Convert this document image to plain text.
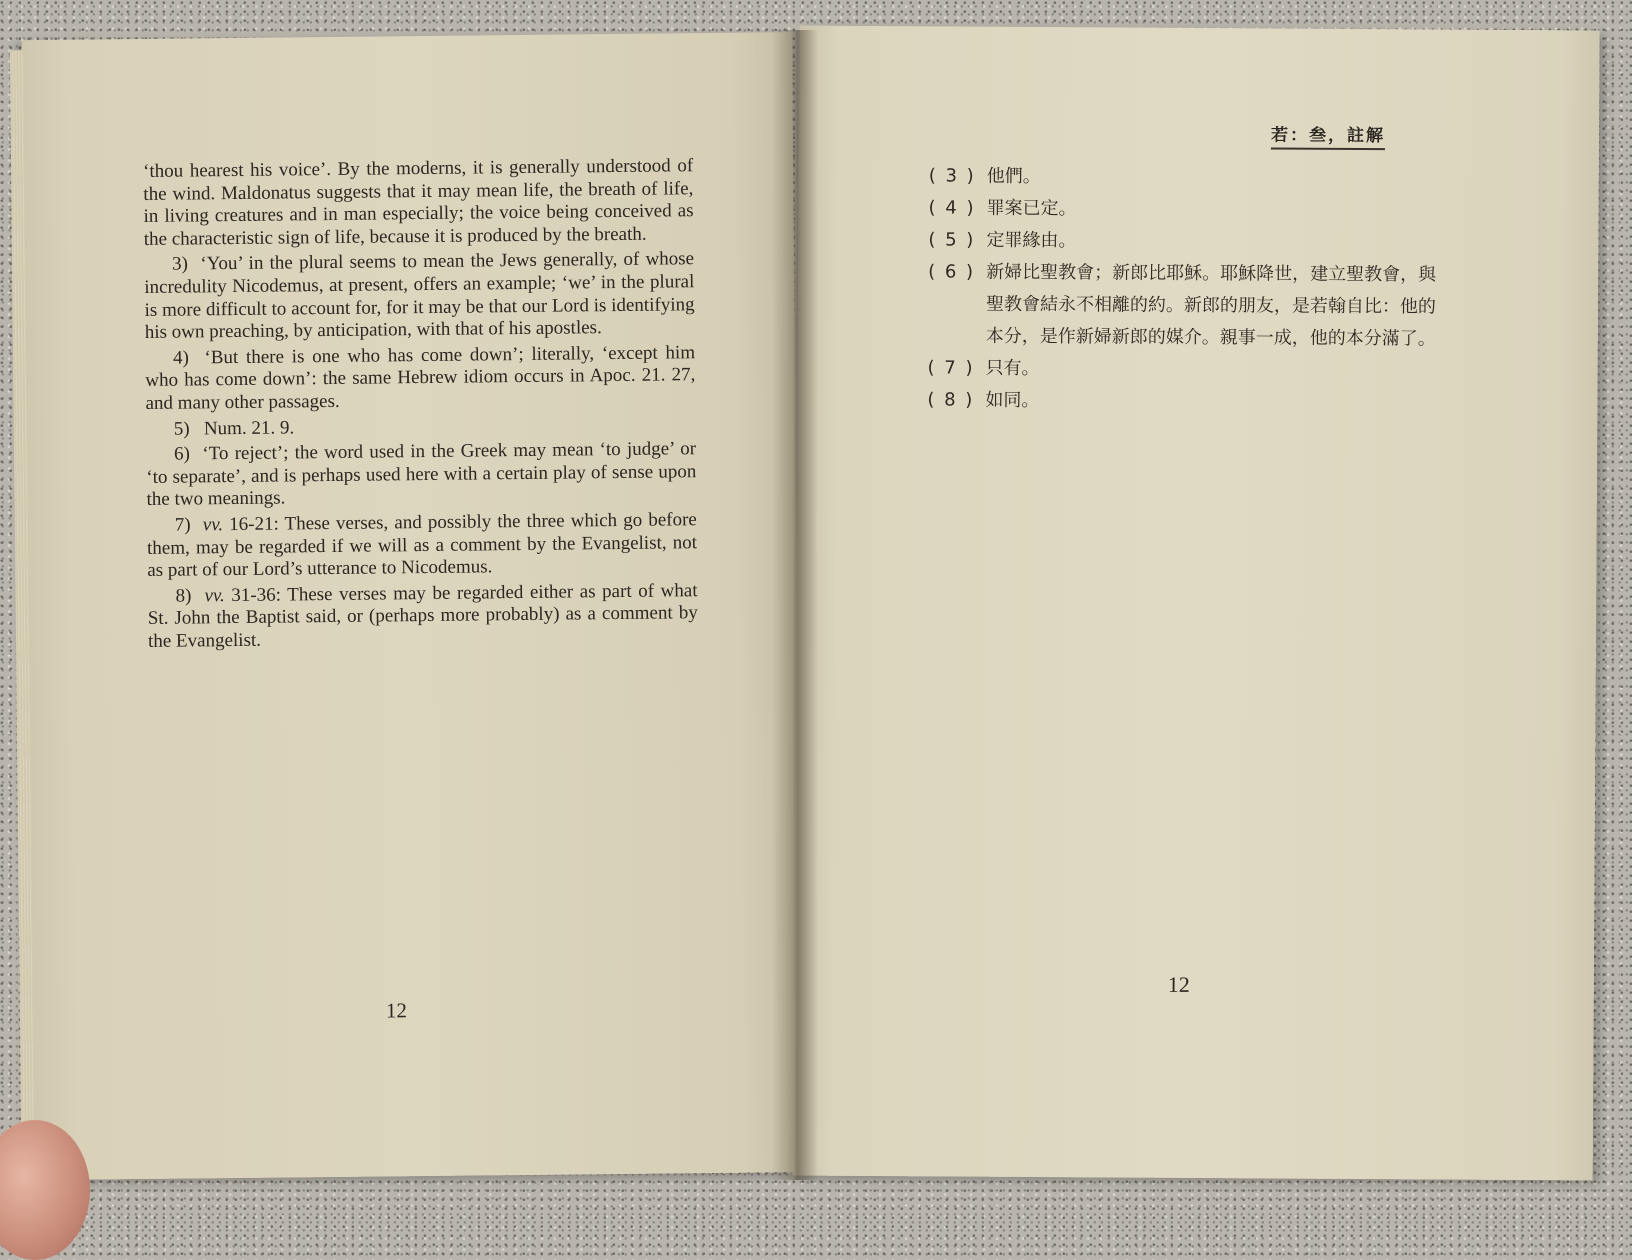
‘thou hearest his voice’. By the moderns, it is generally understood of the wind. Maldonatus suggests that it may mean life, the breath of life, in living creatures and in man especially; the voice being conceived as the characteristic sign of life, because it is produced by the breath.

3) ‘You’ in the plural seems to mean the Jews generally, of whose incredulity Nicodemus, at present, offers an example; ‘we’ in the plural is more difficult to account for, for it may be that our Lord is identifying his own preaching, by anticipation, with that of his apostles.

4) ‘But there is one who has come down’; literally, ‘except him who has come down’: the same Hebrew idiom occurs in Apoc. 21. 27, and many other passages.

5) Num. 21. 9.

6) ‘To reject’; the word used in the Greek may mean ‘to judge’ or ‘to separate’, and is perhaps used here with a certain play of sense upon the two meanings.

7) vv. 16-21: These verses, and possibly the three which go before them, may be regarded if we will as a comment by the Evangelist, not as part of our Lord’s utterance to Nicodemus.

8) vv. 31-36: These verses may be regarded either as part of what St. John the Baptist said, or (perhaps more probably) as a comment by the Evangelist.

12
若：叁，註解
( 3 ) 他們。
( 4 ) 罪案已定。
( 5 ) 定罪緣由。
( 6 ) 新婦比聖教會；新郎比耶穌。耶穌降世，建立聖教會，與聖教會結永不相離的約。新郎的朋友，是若翰自比：他的本分，是作新婦新郎的媒介。親事一成，他的本分滿了。
( 7 ) 只有。
( 8 ) 如同。
12
